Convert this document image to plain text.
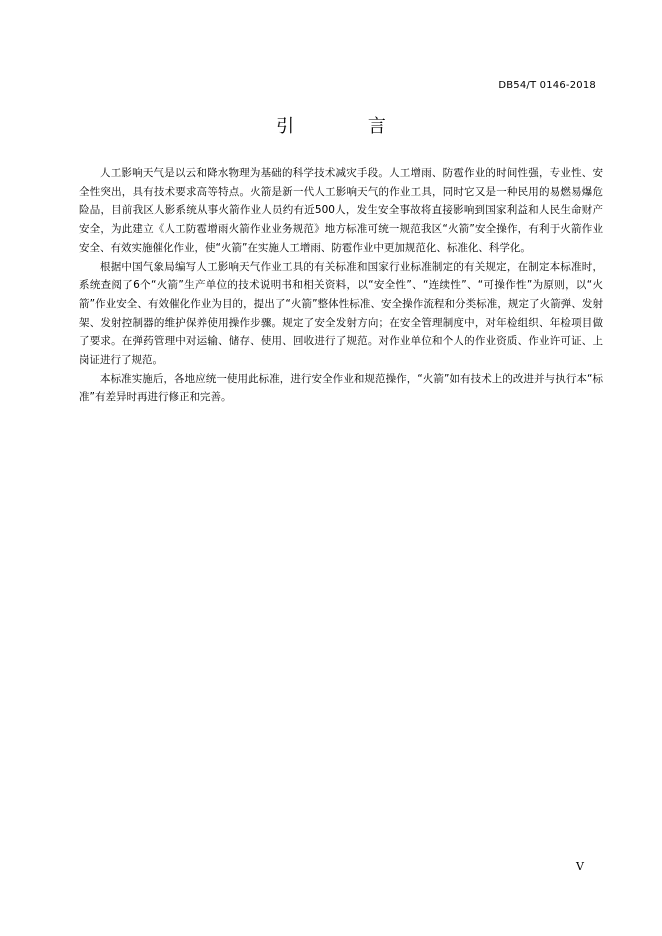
DB54/T 0146-2018
引 言

人工影响天气是以云和降水物理为基础的科学技术减灾手段。人工增雨、防雹作业的时间性强，专业性、安全性突出，具有技术要求高等特点。火箭是新一代人工影响天气的作业工具，同时它又是一种民用的易燃易爆危险品，目前我区人影系统从事火箭作业人员约有近500人，发生安全事故将直接影响到国家利益和人民生命财产安全，为此建立《人工防雹增雨火箭作业业务规范》地方标准可统一规范我区“火箭”安全操作，有利于火箭作业安全、有效实施催化作业，使“火箭”在实施人工增雨、防雹作业中更加规范化、标准化、科学化。

根据中国气象局编写人工影响天气作业工具的有关标准和国家行业标准制定的有关规定，在制定本标准时，系统查阅了6个“火箭”生产单位的技术说明书和相关资料，以“安全性”、“连续性”、“可操作性”为原则，以“火箭”作业安全、有效催化作业为目的，提出了“火箭”整体性标准、安全操作流程和分类标准，规定了火箭弹、发射架、发射控制器的维护保养使用操作步骤。规定了安全发射方向；在安全管理制度中，对年检组织、年检项目做了要求。在弹药管理中对运输、储存、使用、回收进行了规范。对作业单位和个人的作业资质、作业许可证、上岗证进行了规范。

本标准实施后，各地应统一使用此标准，进行安全作业和规范操作，“火箭”如有技术上的改进并与执行本“标准”有差异时再进行修正和完善。

V
